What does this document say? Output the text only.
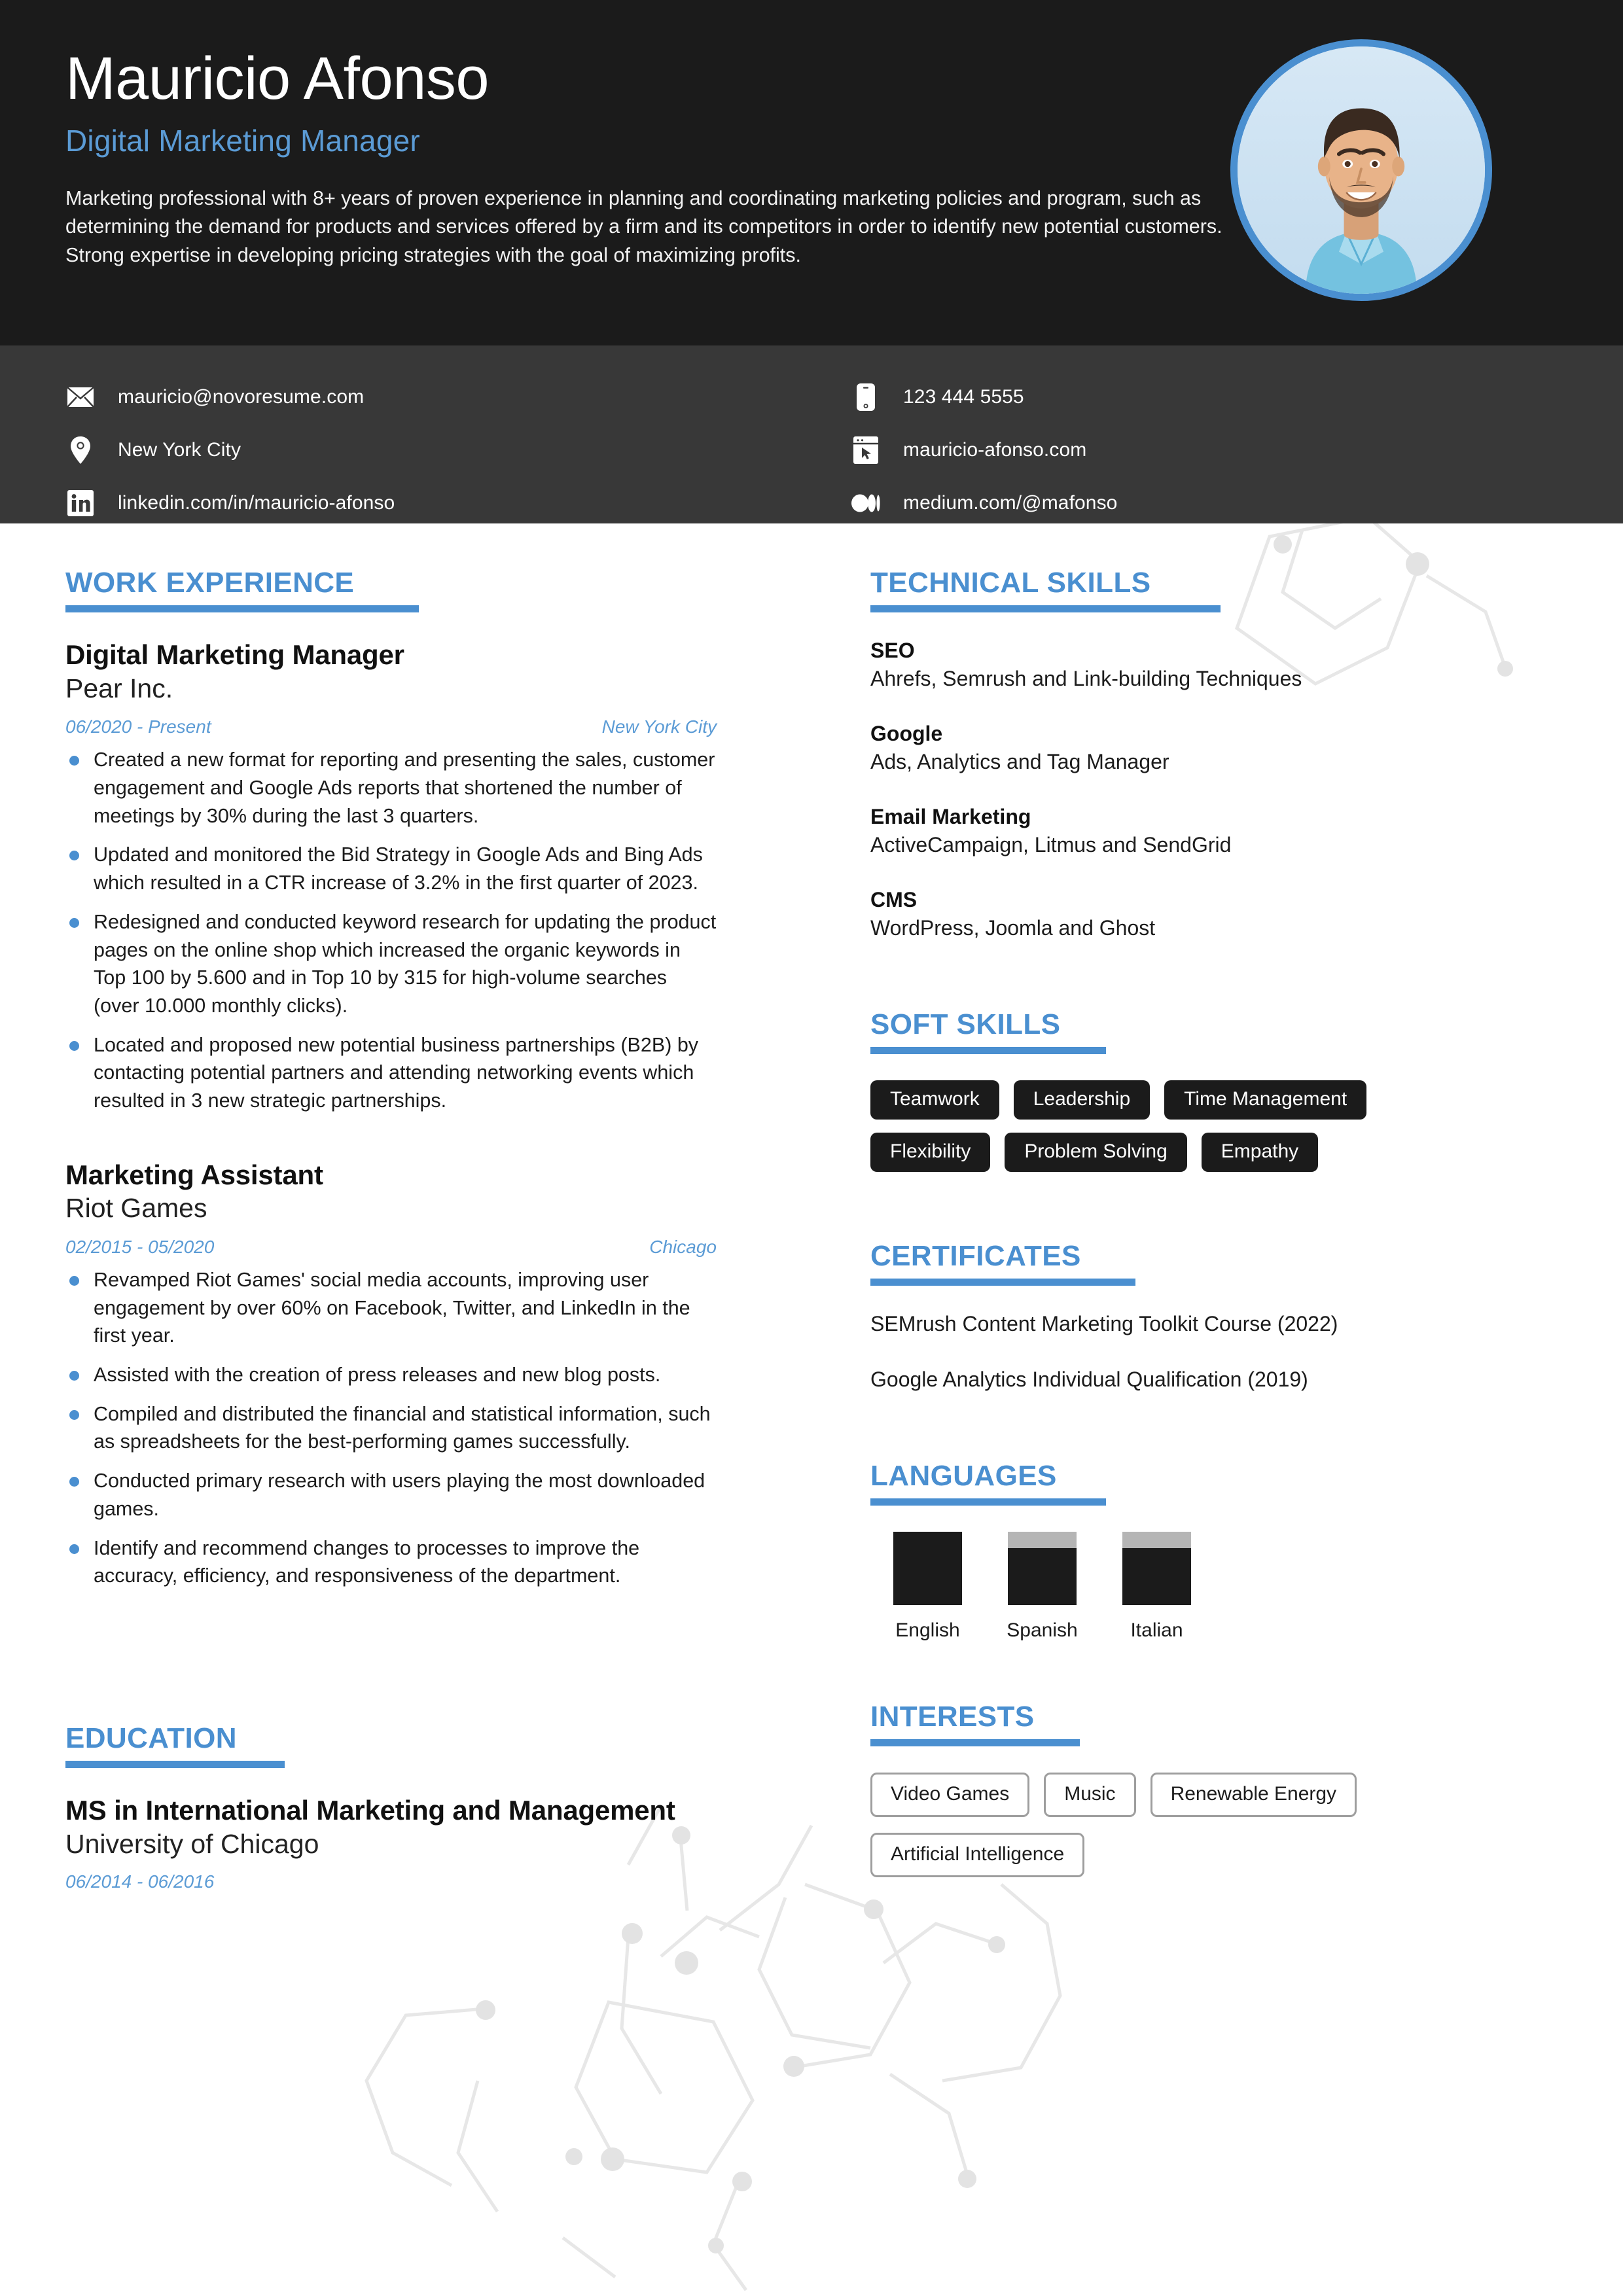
Mauricio Afonso
Digital Marketing Manager
Marketing professional with 8+ years of proven experience in planning and coordinating marketing policies and program, such as determining the demand for products and services offered by a firm and its competitors in order to identify new potential customers. Strong expertise in developing pricing strategies with the goal of maximizing profits.
mauricio@novoresume.com
New York City
linkedin.com/in/mauricio-afonso
123 444 5555
mauricio-afonso.com
medium.com/@mafonso
WORK EXPERIENCE
Digital Marketing Manager
Pear Inc.
06/2020 - Present	New York City
Created a new format for reporting and presenting the sales, customer engagement and Google Ads reports that shortened the number of meetings by 30% during the last 3 quarters.
Updated and monitored the Bid Strategy in Google Ads and Bing Ads which resulted in a CTR increase of 3.2% in the first quarter of 2023.
Redesigned and conducted keyword research for updating the product pages on the online shop which increased the organic keywords in Top 100 by 5.600 and in Top 10 by 315 for high-volume searches (over 10.000 monthly clicks).
Located and proposed new potential business partnerships (B2B) by contacting potential partners and attending networking events which resulted in 3 new strategic partnerships.
Marketing Assistant
Riot Games
02/2015 - 05/2020	Chicago
Revamped Riot Games' social media accounts, improving user engagement by over 60% on Facebook, Twitter, and LinkedIn in the first year.
Assisted with the creation of press releases and new blog posts.
Compiled and distributed the financial and statistical information, such as spreadsheets for the best-performing games successfully.
Conducted primary research with users playing the most downloaded games.
Identify and recommend changes to processes to improve the accuracy, efficiency, and responsiveness of the department.
EDUCATION
MS in International Marketing and Management
University of Chicago
06/2014 - 06/2016
TECHNICAL SKILLS
SEO
Ahrefs, Semrush and Link-building Techniques
Google
Ads, Analytics and Tag Manager
Email Marketing
ActiveCampaign, Litmus and SendGrid
CMS
WordPress, Joomla and Ghost
SOFT SKILLS
Teamwork	Leadership	Time Management
Flexibility	Problem Solving	Empathy
CERTIFICATES
SEMrush Content Marketing Toolkit Course (2022)
Google Analytics Individual Qualification (2019)
LANGUAGES
English	Spanish	Italian
INTERESTS
Video Games	Music	Renewable Energy
Artificial Intelligence
